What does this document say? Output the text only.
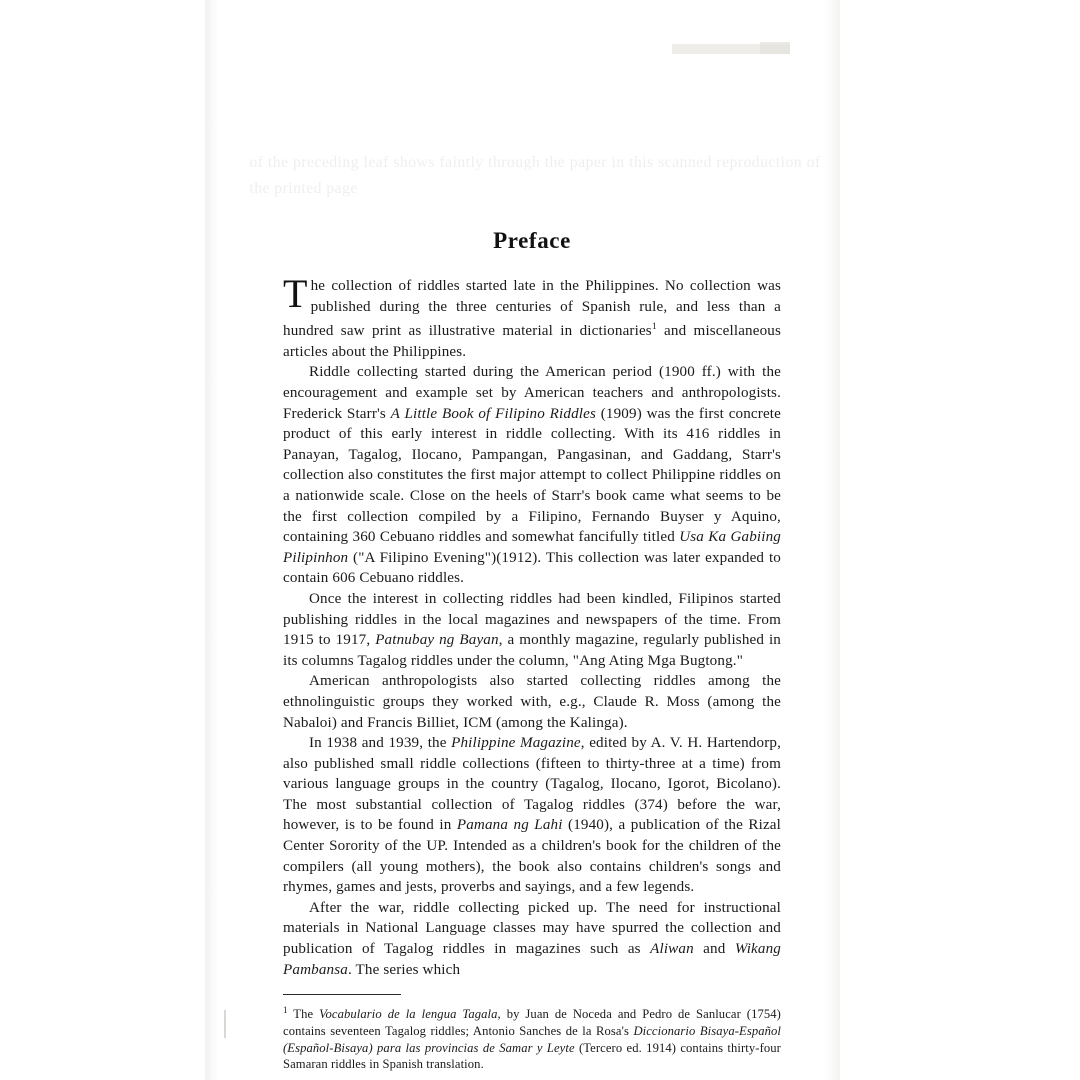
of the preceding leaf shows faintly through the paper in this scanned reproduction of the printed page
Preface

The collection of riddles started late in the Philippines. No collection was published during the three centuries of Spanish rule, and less than a hundred saw print as illustrative material in dictionaries$^1$ and miscellaneous articles about the Philippines.

Riddle collecting started during the American period (1900 ff.) with the encouragement and example set by American teachers and anthropologists. Frederick Starr's A Little Book of Filipino Riddles (1909) was the first concrete product of this early interest in riddle collecting. With its 416 riddles in Panayan, Tagalog, Ilocano, Pampangan, Pangasinan, and Gaddang, Starr's collection also constitutes the first major attempt to collect Philippine riddles on a nationwide scale. Close on the heels of Starr's book came what seems to be the first collection compiled by a Filipino, Fernando Buyser y Aquino, containing 360 Cebuano riddles and somewhat fancifully titled Usa Ka Gabiing Pilipinhon ("A Filipino Evening")(1912). This collection was later expanded to contain 606 Cebuano riddles.

Once the interest in collecting riddles had been kindled, Filipinos started publishing riddles in the local magazines and newspapers of the time. From 1915 to 1917, Patnubay ng Bayan, a monthly magazine, regularly published in its columns Tagalog riddles under the column, "Ang Ating Mga Bugtong."

American anthropologists also started collecting riddles among the ethnolinguistic groups they worked with, e.g., Claude R. Moss (among the Nabaloi) and Francis Billiet, ICM (among the Kalinga).

In 1938 and 1939, the Philippine Magazine, edited by A. V. H. Hartendorp, also published small riddle collections (fifteen to thirty-three at a time) from various language groups in the country (Tagalog, Ilocano, Igorot, Bicolano). The most substantial collection of Tagalog riddles (374) before the war, however, is to be found in Pamana ng Lahi (1940), a publication of the Rizal Center Sorority of the UP. Intended as a children's book for the children of the compilers (all young mothers), the book also contains children's songs and rhymes, games and jests, proverbs and sayings, and a few legends.

After the war, riddle collecting picked up. The need for instructional materials in National Language classes may have spurred the collection and publication of Tagalog riddles in magazines such as Aliwan and Wikang Pambansa. The series which

$^1$ The Vocabulario de la lengua Tagala, by Juan de Noceda and Pedro de Sanlucar (1754) contains seventeen Tagalog riddles; Antonio Sanches de la Rosa's Diccionario Bisaya-Español (Español-Bisaya) para las provincias de Samar y Leyte (Tercero ed. 1914) contains thirty-four Samaran riddles in Spanish translation.
